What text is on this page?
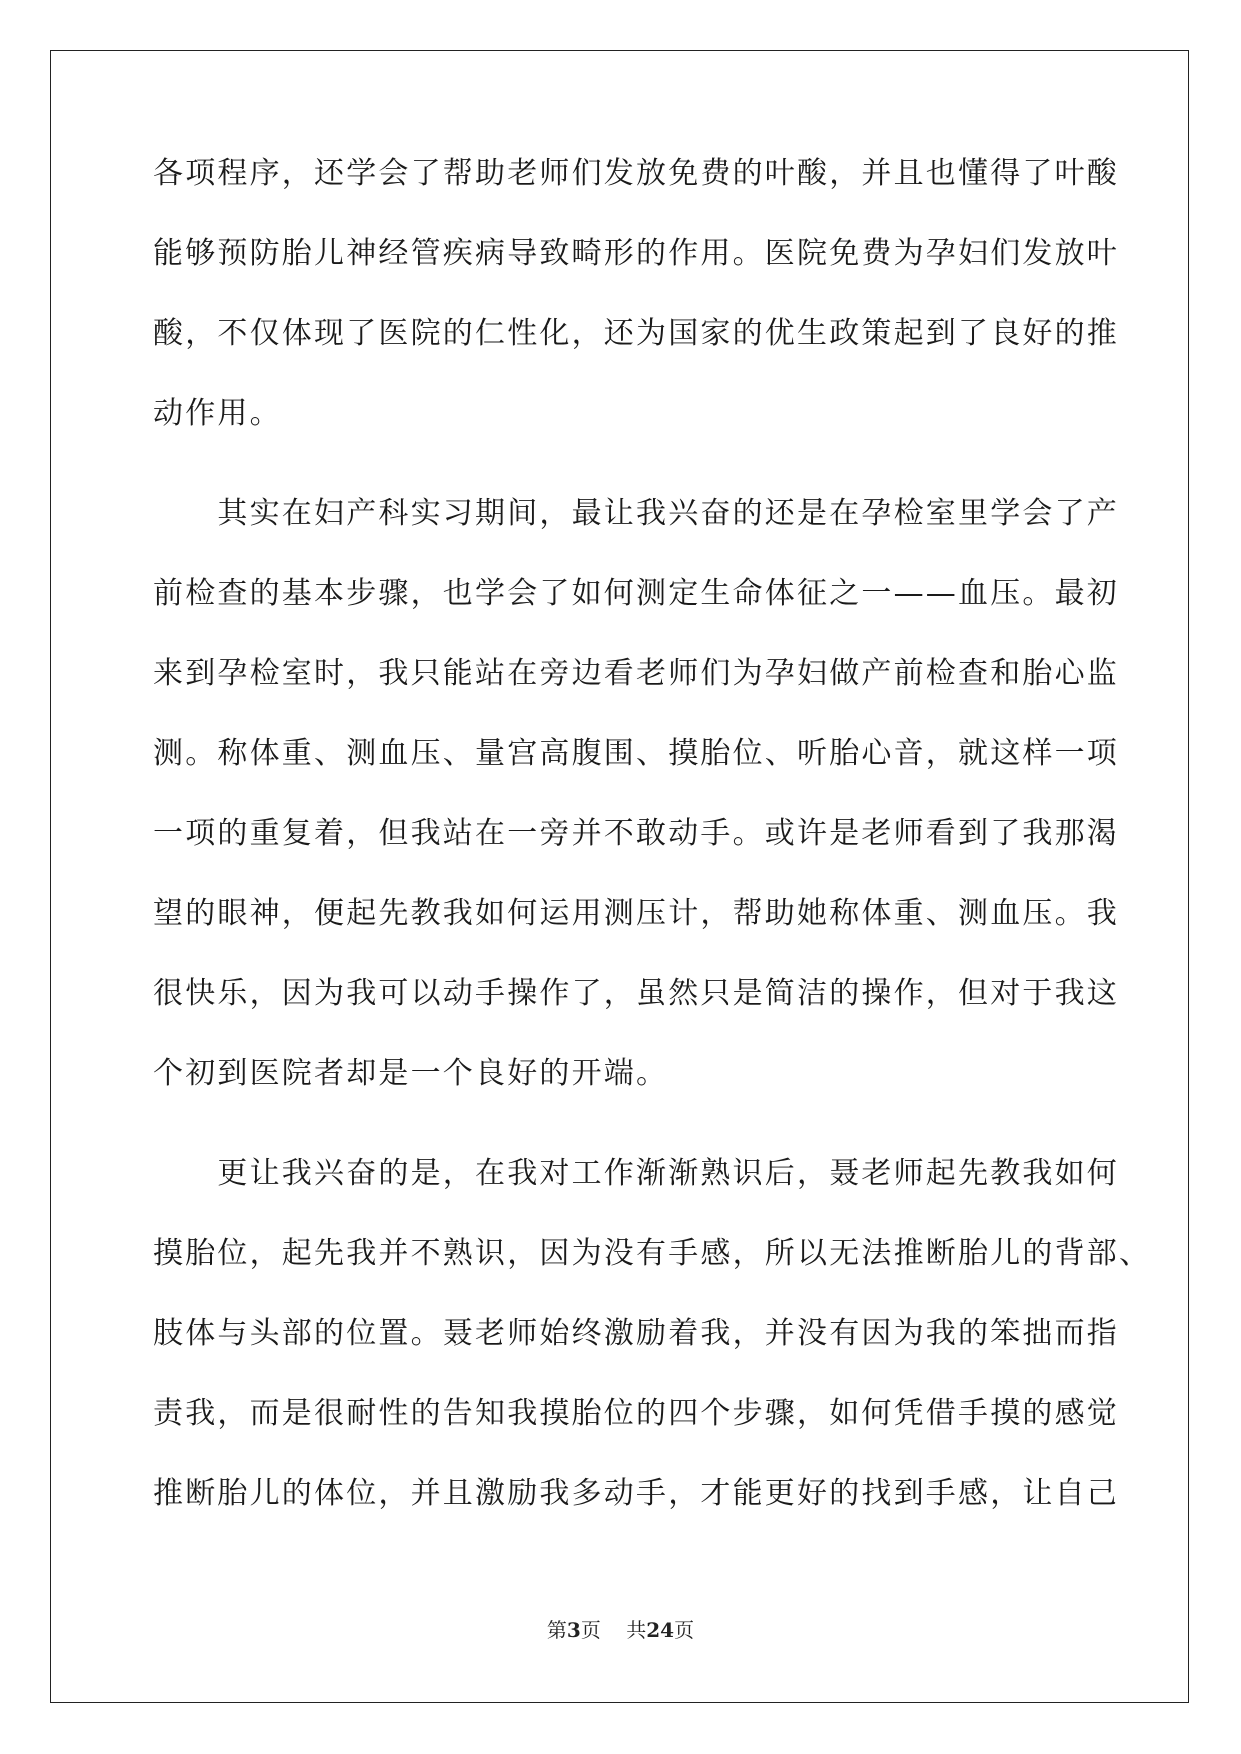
各项程序，还学会了帮助老师们发放免费的叶酸，并且也懂得了叶酸
能够预防胎儿神经管疾病导致畸形的作用。医院免费为孕妇们发放叶
酸，不仅体现了医院的仁性化，还为国家的优生政策起到了良好的推
动作用。
　　其实在妇产科实习期间，最让我兴奋的还是在孕检室里学会了产
前检查的基本步骤，也学会了如何测定生命体征之一——血压。最初
来到孕检室时，我只能站在旁边看老师们为孕妇做产前检查和胎心监
测。称体重、测血压、量宫高腹围、摸胎位、听胎心音，就这样一项
一项的重复着，但我站在一旁并不敢动手。或许是老师看到了我那渴
望的眼神，便起先教我如何运用测压计，帮助她称体重、测血压。我
很快乐，因为我可以动手操作了，虽然只是简洁的操作，但对于我这
个初到医院者却是一个良好的开端。
　　更让我兴奋的是，在我对工作渐渐熟识后，聂老师起先教我如何
摸胎位，起先我并不熟识，因为没有手感，所以无法推断胎儿的背部、
肢体与头部的位置。聂老师始终激励着我，并没有因为我的笨拙而指
责我，而是很耐性的告知我摸胎位的四个步骤，如何凭借手摸的感觉
推断胎儿的体位，并且激励我多动手，才能更好的找到手感，让自己
第3页 共24页
